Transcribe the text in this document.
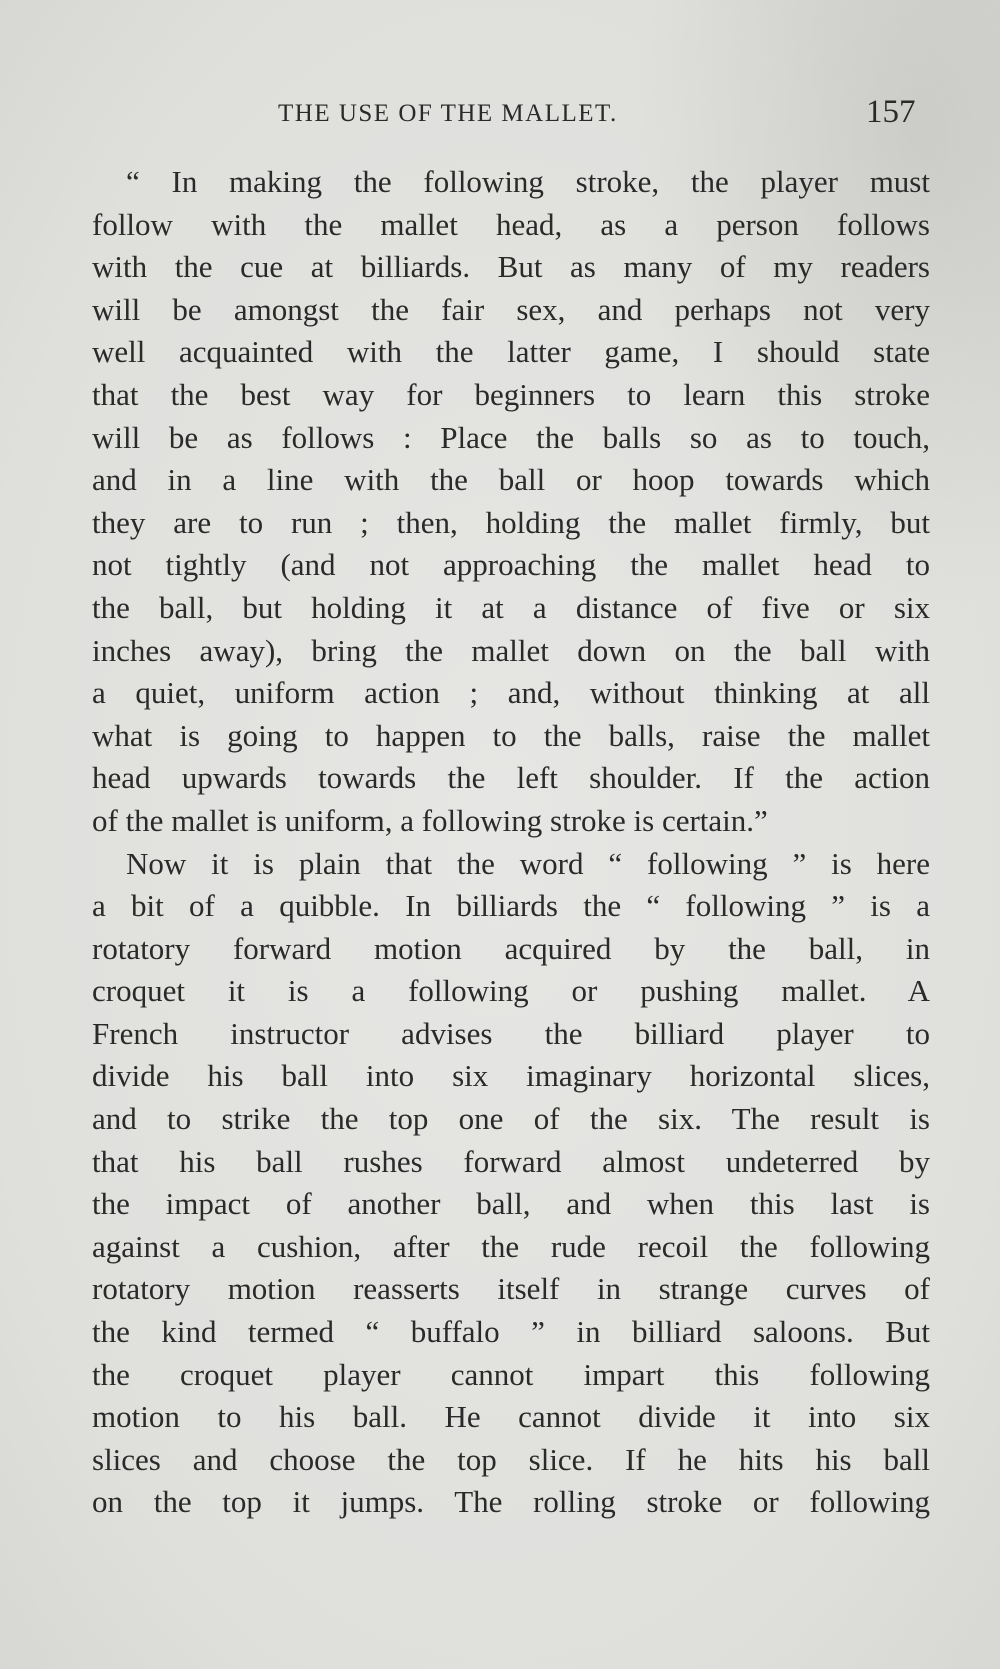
THE USE OF THE MALLET.	157
“ In making the following stroke, the player must
follow with the mallet head, as a person follows
with the cue at billiards. But as many of my readers
will be amongst the fair sex, and perhaps not very
well acquainted with the latter game, I should state
that the best way for beginners to learn this stroke
will be as follows : Place the balls so as to touch,
and in a line with the ball or hoop towards which
they are to run ; then, holding the mallet firmly, but
not tightly (and not approaching the mallet head to
the ball, but holding it at a distance of five or six
inches away), bring the mallet down on the ball with
a quiet, uniform action ; and, without thinking at all
what is going to happen to the balls, raise the mallet
head upwards towards the left shoulder. If the action
of the mallet is uniform, a following stroke is certain.”
Now it is plain that the word “ following ” is here
a bit of a quibble. In billiards the “ following ” is a
rotatory forward motion acquired by the ball, in
croquet it is a following or pushing mallet. A
French instructor advises the billiard player to
divide his ball into six imaginary horizontal slices,
and to strike the top one of the six. The result is
that his ball rushes forward almost undeterred by
the impact of another ball, and when this last is
against a cushion, after the rude recoil the following
rotatory motion reasserts itself in strange curves of
the kind termed “ buffalo ” in billiard saloons. But
the croquet player cannot impart this following
motion to his ball. He cannot divide it into six
slices and choose the top slice. If he hits his ball
on the top it jumps. The rolling stroke or following
